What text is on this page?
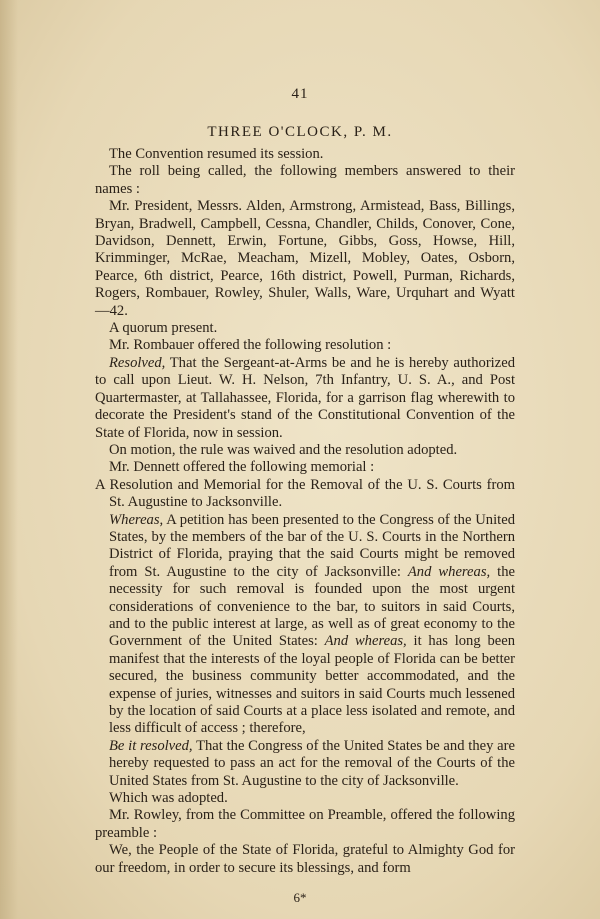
41
THREE O'CLOCK, P. M.

The Convention resumed its session.

The roll being called, the following members answered to their names :

Mr. President, Messrs. Alden, Armstrong, Armistead, Bass, Billings, Bryan, Bradwell, Campbell, Cessna, Chandler, Childs, Conover, Cone, Davidson, Dennett, Erwin, Fortune, Gibbs, Goss, Howse, Hill, Krimminger, McRae, Meacham, Mizell, Mobley, Oates, Osborn, Pearce, 6th district, Pearce, 16th district, Powell, Purman, Richards, Rogers, Rombauer, Rowley, Shuler, Walls, Ware, Urquhart and Wyatt—42.

A quorum present.

Mr. Rombauer offered the following resolution :

Resolved, That the Sergeant-at-Arms be and he is hereby authorized to call upon Lieut. W. H. Nelson, 7th Infantry, U. S. A., and Post Quartermaster, at Tallahassee, Florida, for a garrison flag wherewith to decorate the President's stand of the Constitutional Convention of the State of Florida, now in session.

On motion, the rule was waived and the resolution adopted.

Mr. Dennett offered the following memorial :

A Resolution and Memorial for the Removal of the U. S. Courts from St. Augustine to Jacksonville.

Whereas, A petition has been presented to the Congress of the United States, by the members of the bar of the U. S. Courts in the Northern District of Florida, praying that the said Courts might be removed from St. Augustine to the city of Jacksonville: And whereas, the necessity for such removal is founded upon the most urgent considerations of convenience to the bar, to suitors in said Courts, and to the public interest at large, as well as of great economy to the Government of the United States: And whereas, it has long been manifest that the interests of the loyal people of Florida can be better secured, the business community better accommodated, and the expense of juries, witnesses and suitors in said Courts much lessened by the location of said Courts at a place less isolated and remote, and less difficult of access ; therefore,

Be it resolved, That the Congress of the United States be and they are hereby requested to pass an act for the removal of the Courts of the United States from St. Augustine to the city of Jacksonville.

Which was adopted.

Mr. Rowley, from the Committee on Preamble, offered the following preamble :

We, the People of the State of Florida, grateful to Almighty God for our freedom, in order to secure its blessings, and form

6*
